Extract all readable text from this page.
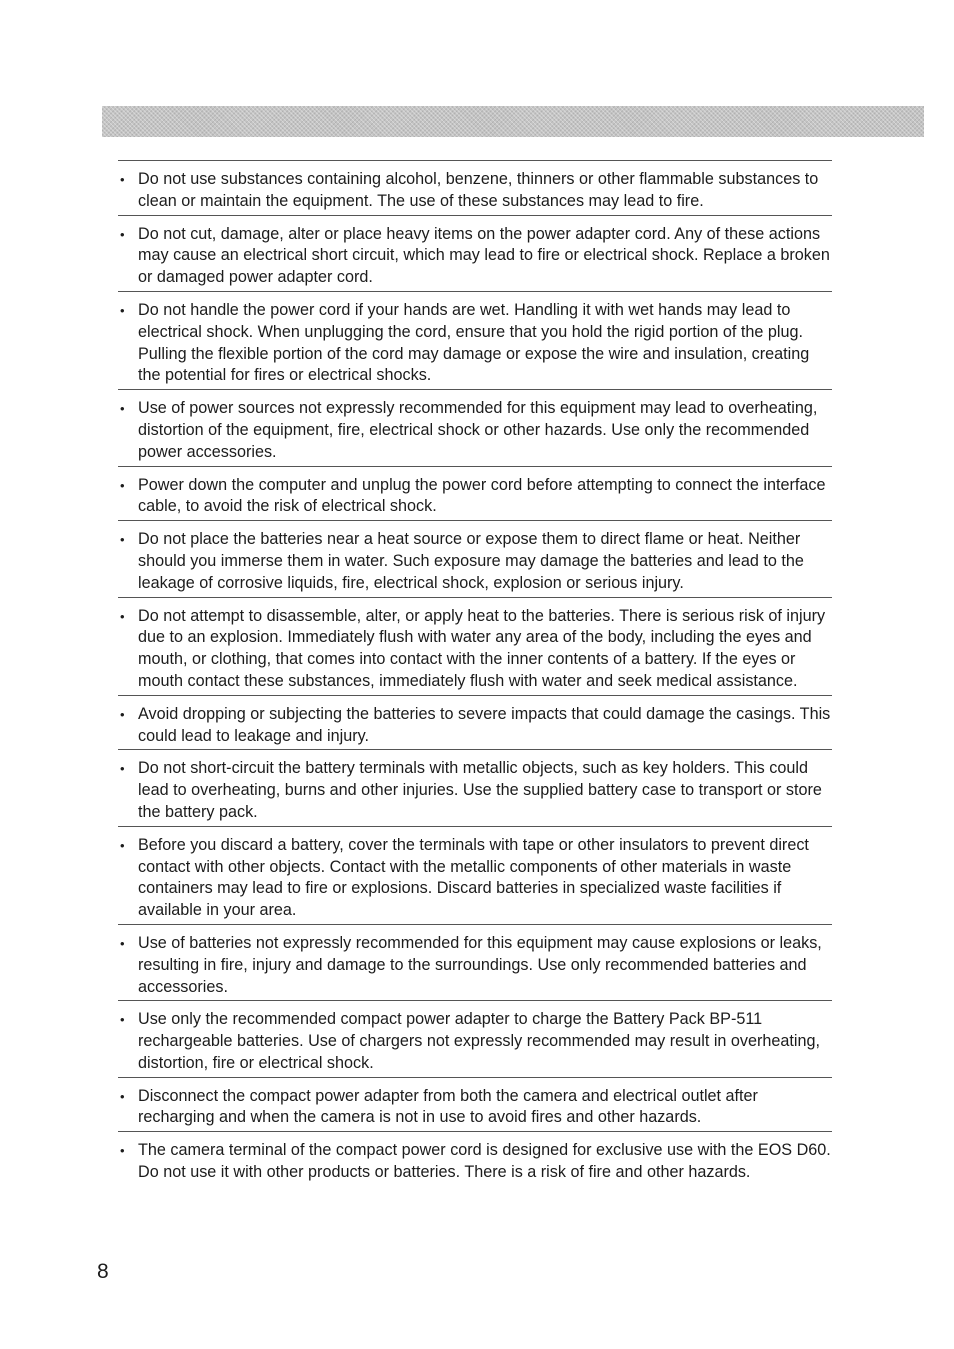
• Do not use substances containing alcohol, benzene, thinners or other flammable substances to clean or maintain the equipment. The use of these substances may lead to fire.
• Do not cut, damage, alter or place heavy items on the power adapter cord. Any of these actions may cause an electrical short circuit, which may lead to fire or electrical shock. Replace a broken or damaged power adapter cord.
• Do not handle the power cord if your hands are wet. Handling it with wet hands may lead to electrical shock. When unplugging the cord, ensure that you hold the rigid portion of the plug. Pulling the flexible portion of the cord may damage or expose the wire and insulation, creating the potential for fires or electrical shocks.
• Use of power sources not expressly recommended for this equipment may lead to overheating, distortion of the equipment, fire, electrical shock or other hazards. Use only the recommended power accessories.
• Power down the computer and unplug the power cord before attempting to connect the interface cable, to avoid the risk of electrical shock.
• Do not place the batteries near a heat source or expose them to direct flame or heat. Neither should you immerse them in water. Such exposure may damage the batteries and lead to the leakage of corrosive liquids, fire, electrical shock, explosion or serious injury.
• Do not attempt to disassemble, alter, or apply heat to the batteries. There is serious risk of injury due to an explosion. Immediately flush with water any area of the body, including the eyes and mouth, or clothing, that comes into contact with the inner contents of a battery. If the eyes or mouth contact these substances, immediately flush with water and seek medical assistance.
• Avoid dropping or subjecting the batteries to severe impacts that could damage the casings. This could lead to leakage and injury.
• Do not short-circuit the battery terminals with metallic objects, such as key holders. This could lead to overheating, burns and other injuries. Use the supplied battery case to transport or store the battery pack.
• Before you discard a battery, cover the terminals with tape or other insulators to prevent direct contact with other objects. Contact with the metallic components of other materials in waste containers may lead to fire or explosions. Discard batteries in specialized waste facilities if available in your area.
• Use of batteries not expressly recommended for this equipment may cause explosions or leaks, resulting in fire, injury and damage to the surroundings. Use only recommended batteries and accessories.
• Use only the recommended compact power adapter to charge the Battery Pack BP-511 rechargeable batteries. Use of chargers not expressly recommended may result in overheating, distortion, fire or electrical shock.
• Disconnect the compact power adapter from both the camera and electrical outlet after recharging and when the camera is not in use to avoid fires and other hazards.
• The camera terminal of the compact power cord is designed for exclusive use with the EOS D60. Do not use it with other products or batteries. There is a risk of fire and other hazards.
8
